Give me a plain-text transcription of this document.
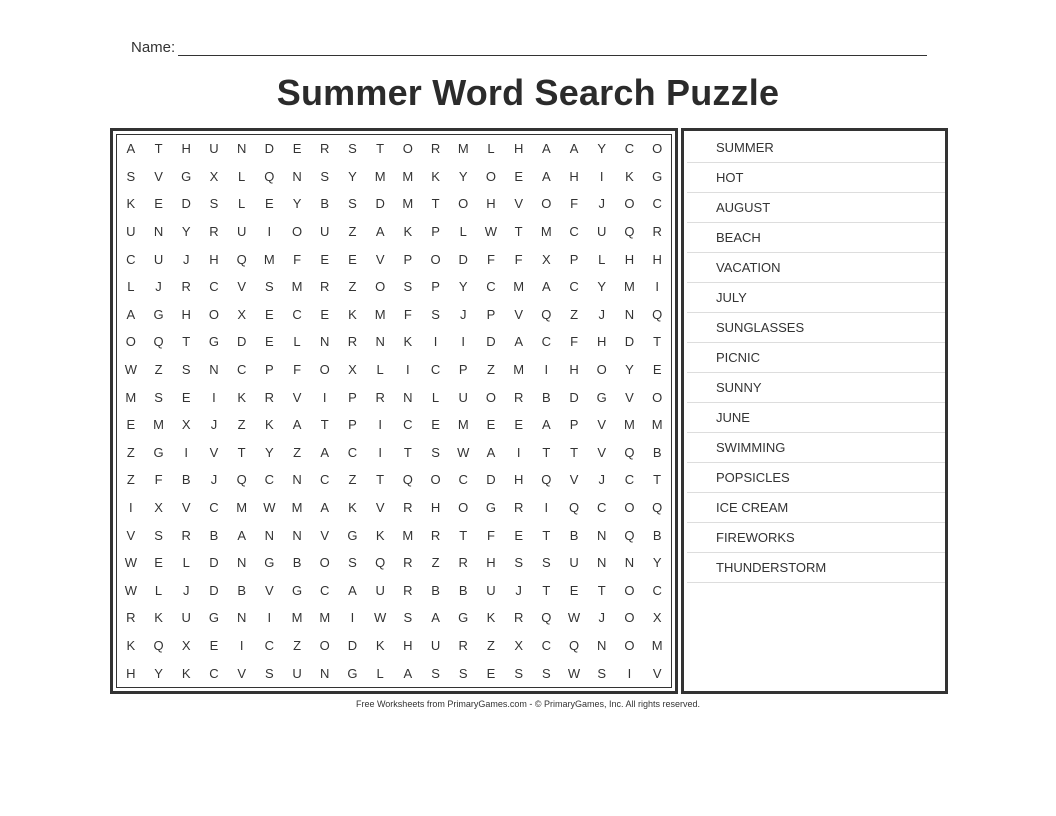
Name:
Summer Word Search Puzzle
A	T	H	U	N	D	E	R	S	T	O	R	M	L	H	A	A	Y	C	O
S	V	G	X	L	Q	N	S	Y	M	M	K	Y	O	E	A	H	I	K	G
K	E	D	S	L	E	Y	B	S	D	M	T	O	H	V	O	F	J	O	C
U	N	Y	R	U	I	O	U	Z	A	K	P	L	W	T	M	C	U	Q	R
C	U	J	H	Q	M	F	E	E	V	P	O	D	F	F	X	P	L	H	H
L	J	R	C	V	S	M	R	Z	O	S	P	Y	C	M	A	C	Y	M	I
A	G	H	O	X	E	C	E	K	M	F	S	J	P	V	Q	Z	J	N	Q
O	Q	T	G	D	E	L	N	R	N	K	I	I	D	A	C	F	H	D	T
W	Z	S	N	C	P	F	O	X	L	I	C	P	Z	M	I	H	O	Y	E
M	S	E	I	K	R	V	I	P	R	N	L	U	O	R	B	D	G	V	O
E	M	X	J	Z	K	A	T	P	I	C	E	M	E	E	A	P	V	M	M
Z	G	I	V	T	Y	Z	A	C	I	T	S	W	A	I	T	T	V	Q	B
Z	F	B	J	Q	C	N	C	Z	T	Q	O	C	D	H	Q	V	J	C	T
I	X	V	C	M	W	M	A	K	V	R	H	O	G	R	I	Q	C	O	Q
V	S	R	B	A	N	N	V	G	K	M	R	T	F	E	T	B	N	Q	B
W	E	L	D	N	G	B	O	S	Q	R	Z	R	H	S	S	U	N	N	Y
W	L	J	D	B	V	G	C	A	U	R	B	B	U	J	T	E	T	O	C
R	K	U	G	N	I	M	M	I	W	S	A	G	K	R	Q	W	J	O	X
K	Q	X	E	I	C	Z	O	D	K	H	U	R	Z	X	C	Q	N	O	M
H	Y	K	C	V	S	U	N	G	L	A	S	S	E	S	S	W	S	I	V
SUMMER
HOT
AUGUST
BEACH
VACATION
JULY
SUNGLASSES
PICNIC
SUNNY
JUNE
SWIMMING
POPSICLES
ICE CREAM
FIREWORKS
THUNDERSTORM
Free Worksheets from PrimaryGames.com - © PrimaryGames, Inc. All rights reserved.
